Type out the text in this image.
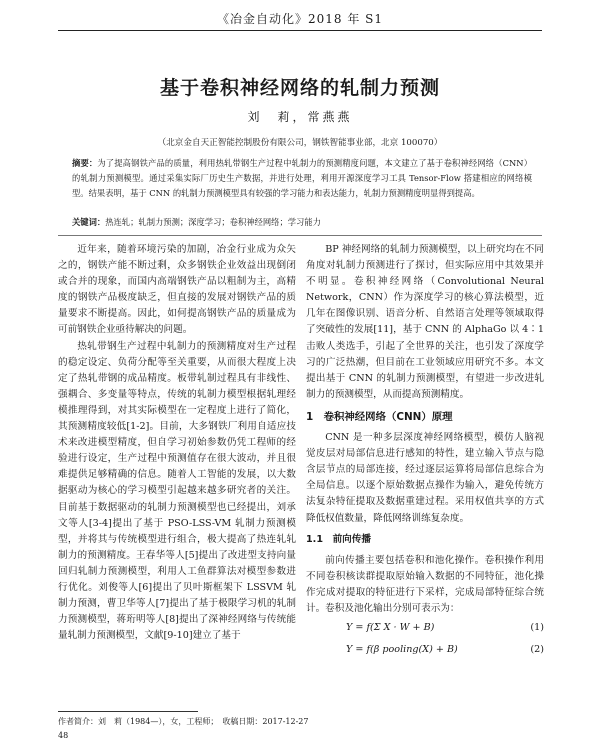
《冶金自动化》2018 年 S1
基于卷积神经网络的轧制力预测
刘　莉，常燕燕
（北京金自天正智能控制股份有限公司，钢铁智能事业部，北京 100070）
摘要：为了提高钢铁产品的质量，利用热轧带钢生产过程中轧制力的预测精度问题，本文建立了基于卷积神经网络（CNN）的轧制力预测模型。通过采集实际厂历史生产数据，并进行处理，利用开源深度学习工具 Tensor-Flow 搭建相应的网络模型。结果表明，基于 CNN 的轧制力预测模型具有较强的学习能力和表达能力，轧制力预测精度明显得到提高。
关键词：热连轧；轧制力预测；深度学习；卷积神经网络；学习能力

近年来，随着环境污染的加剧，冶金行业成为众矢之的，钢铁产能不断过剩，众多钢铁企业效益出现倒闭或合并的现象，而国内高端钢铁产品以粗制为主，高精度的钢铁产品极度缺乏，但直接的发展对钢铁产品的质量要求不断提高。因此，如何提高钢铁产品的质量成为可前钢铁企业亟待解决的问题。

热轧带钢生产过程中轧制力的预测精度对生产过程的稳定设定、负荷分配等至关重要，从而很大程度上决定了热轧带钢的成品精度。板带轧制过程具有非线性、强耦合、多变量等特点，传统的轧制力模型根据轧理经模推理得到，对其实际模型在一定程度上进行了简化，其预测精度较低[1-2]。目前，大多钢铁厂利用自适应技术来改进模型精度，但自学习初始参数仍凭工程师的经验进行设定，生产过程中预测值存在很大波动，并且很难提供足够精确的信息。随着人工智能的发展，以大数据驱动为核心的学习模型引起越来越多研究者的关注。目前基于数据驱动的轧制力预测模型也已经提出，刘承文等人[3-4]提出了基于 PSO-LSS-VM 轧制力预测模型，并将其与传统模型进行组合，极大提高了热连轧轧制力的预测精度。王春华等人[5]提出了改进型支持向量回归轧制力预测模型，利用人工鱼群算法对模型参数进行优化。刘俊等人[6]提出了贝叶斯框架下 LSSVM 轧制力预测，曹卫华等人[7]提出了基于极限学习机的轧制力预测模型，蒋珩明等人[8]提出了深神经网络与传统能量轧制力预测模型，文献[9-10]建立了基于

BP 神经网络的轧制力预测模型，以上研究均在不同角度对轧制力预测进行了探讨，但实际应用中其效果并不明显。卷积神经网络（Convolutional Neural Network，CNN）作为深度学习的核心算法模型，近几年在图像识别、语音分析、自然语言处理等领域取得了突破性的发展[11]，基于 CNN 的 AlphaGo 以 4∶1 击败人类选手，引起了全世界的关注，也引发了深度学习的广泛热潮，但目前在工业领域应用研究不多。本文提出基于 CNN 的轧制力预测模型，有望进一步改进轧制力的预测模型，从而提高预测精度。

1　卷积神经网络（CNN）原理

CNN 是一种多层深度神经网络模型，模仿人脑视觉皮层对局部信息进行感知的特性，建立输入节点与隐含层节点的局部连接，经过逐层运算将局部信息综合为全局信息。以逐个原始数据点操作为输入，避免传统方法复杂特征提取及数据重建过程。采用权值共享的方式降低权值数量，降低网络训练复杂度。

1.1　前向传播

前向传播主要包括卷积和池化操作。卷积操作利用不同卷积核读群提取原始输入数据的不同特征，池化操作完成对提取的特征进行下采样，完成局部特征综合统计。卷积及池化输出分别可表示为：

Y = f(Σ X · W + B)	(1)
Y = f(β pooling(X) + B)	(2)
作者简介：刘　莉（1984—），女，工程师；　收稿日期：2017-12-27
48
